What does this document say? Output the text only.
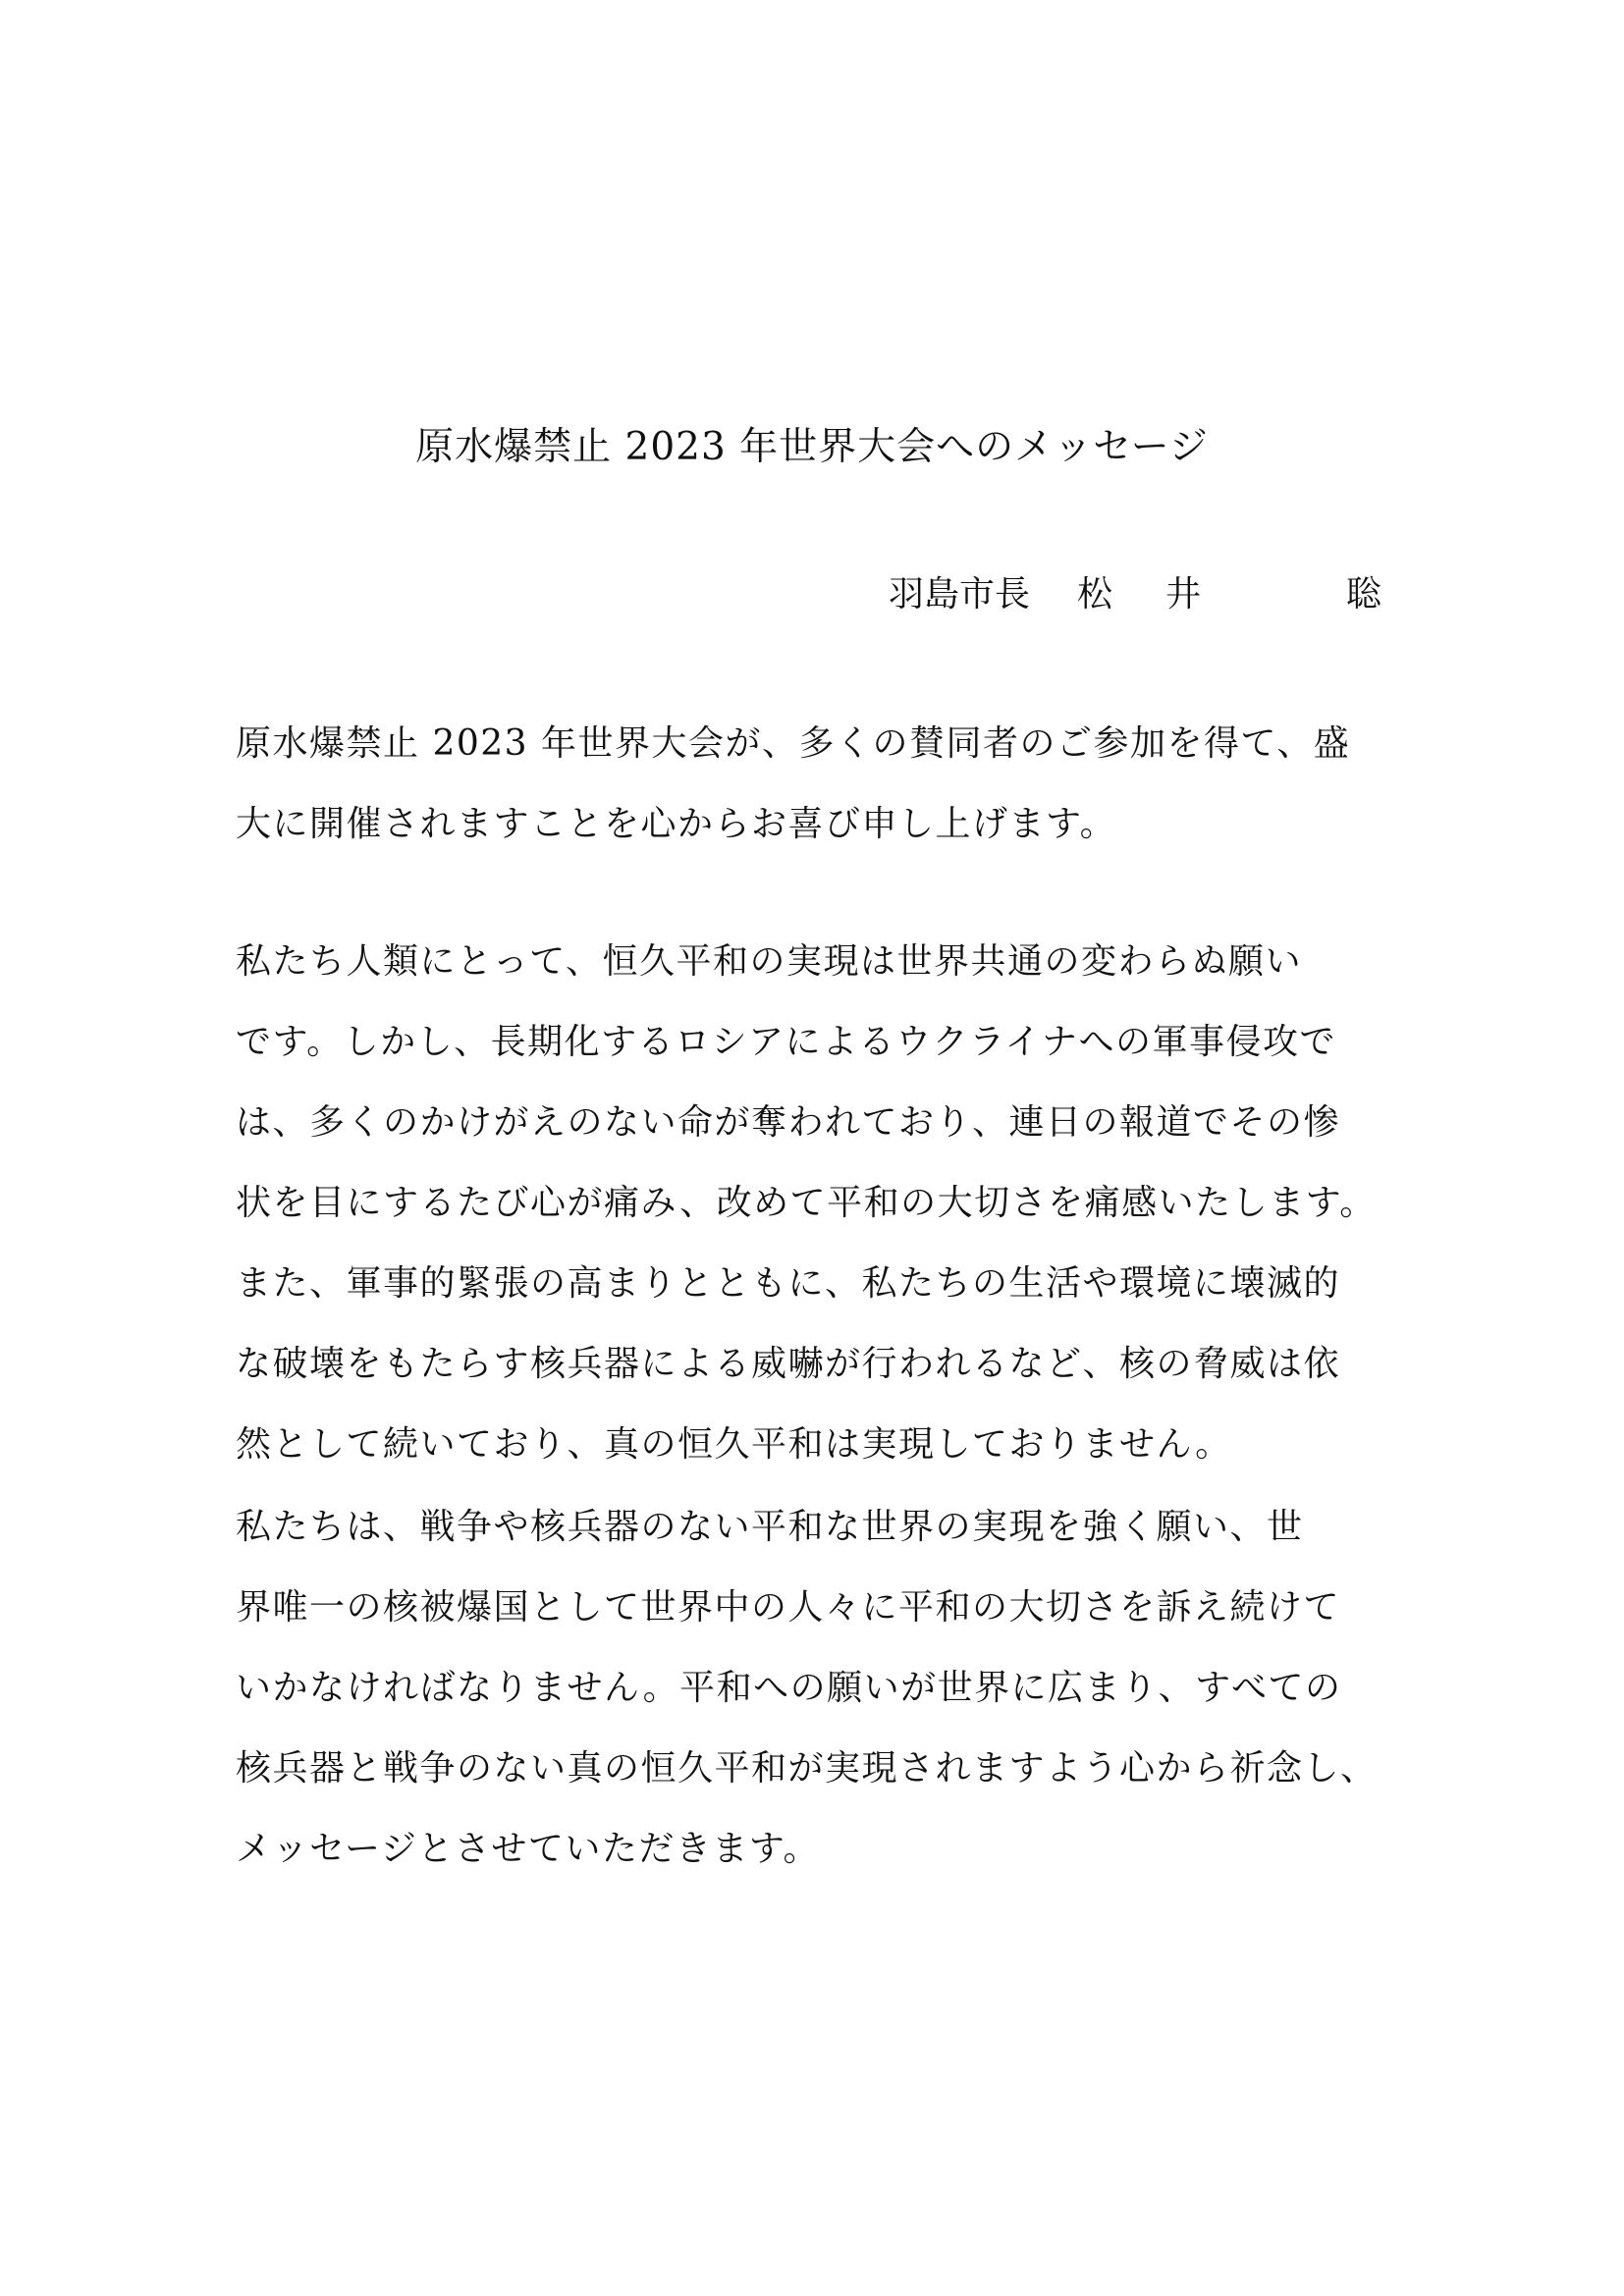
原水爆禁止 2023 年世界大会へのメッセージ
羽島市長 松 井	聡
原水爆禁止 2023 年世界大会が、多くの賛同者のご参加を得て、盛
大に開催されますことを心からお喜び申し上げます。
私たち人類にとって、恒久平和の実現は世界共通の変わらぬ願い
です。しかし、長期化するロシアによるウクライナへの軍事侵攻で
は、多くのかけがえのない命が奪われており、連日の報道でその惨
状を目にするたび心が痛み、改めて平和の大切さを痛感いたします。
また、軍事的緊張の高まりとともに、私たちの生活や環境に壊滅的
な破壊をもたらす核兵器による威嚇が行われるなど、核の脅威は依
然として続いており、真の恒久平和は実現しておりません。
私たちは、戦争や核兵器のない平和な世界の実現を強く願い、世
界唯一の核被爆国として世界中の人々に平和の大切さを訴え続けて
いかなければなりません。平和への願いが世界に広まり、すべての
核兵器と戦争のない真の恒久平和が実現されますよう心から祈念し、
メッセージとさせていただきます。
